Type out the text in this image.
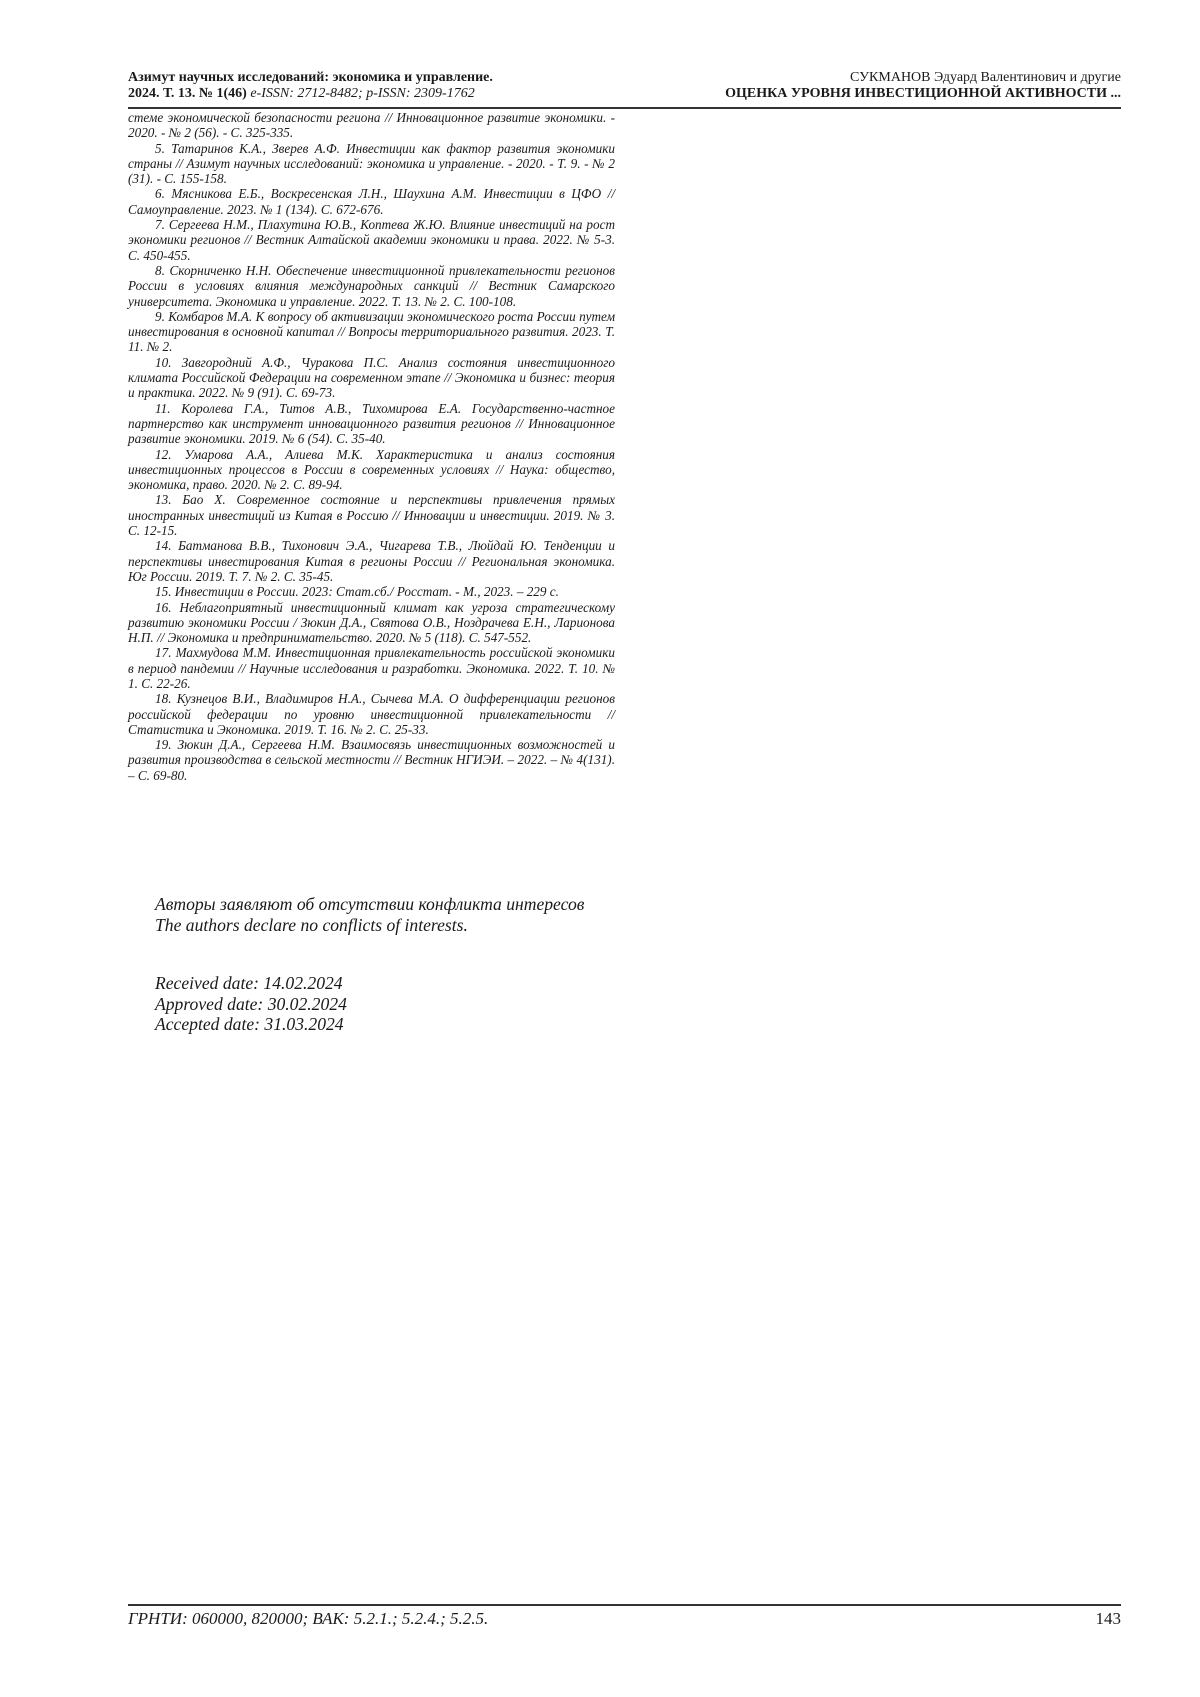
Азимут научных исследований: экономика и управление.
2024. Т. 13. № 1(46) e-ISSN: 2712-8482; p-ISSN: 2309-1762
СУКМАНОВ Эдуард Валентинович и другие
ОЦЕНКА УРОВНЯ ИНВЕСТИЦИОННОЙ АКТИВНОСТИ ...

стеме экономической безопасности региона // Инновационное развитие экономики. - 2020. - № 2 (56). - С. 325-335.

5. Татаринов К.А., Зверев А.Ф. Инвестиции как фактор развития экономики страны // Азимут научных исследований: экономика и управление. - 2020. - Т. 9. - № 2 (31). - С. 155-158.

6. Мясникова Е.Б., Воскресенская Л.Н., Шаухина А.М. Инвестиции в ЦФО // Самоуправление. 2023. № 1 (134). С. 672-676.

7. Сергеева Н.М., Плахутина Ю.В., Коптева Ж.Ю. Влияние инвестиций на рост экономики регионов // Вестник Алтайской академии экономики и права. 2022. № 5-3. С. 450-455.

8. Скорниченко Н.Н. Обеспечение инвестиционной привлекательности регионов России в условиях влияния международных санкций // Вестник Самарского университета. Экономика и управление. 2022. Т. 13. № 2. С. 100-108.

9. Комбаров М.А. К вопросу об активизации экономического роста России путем инвестирования в основной капитал // Вопросы территориального развития. 2023. Т. 11. № 2.

10. Завгородний А.Ф., Чуракова П.С. Анализ состояния инвестиционного климата Российской Федерации на современном этапе // Экономика и бизнес: теория и практика. 2022. № 9 (91). С. 69-73.

11. Королева Г.А., Титов А.В., Тихомирова Е.А. Государственно-частное партнерство как инструмент инновационного развития регионов // Инновационное развитие экономики. 2019. № 6 (54). С. 35-40.

12. Умарова А.А., Алиева М.К. Характеристика и анализ состояния инвестиционных процессов в России в современных условиях // Наука: общество, экономика, право. 2020. № 2. С. 89-94.

13. Бао Х. Современное состояние и перспективы привлечения прямых иностранных инвестиций из Китая в Россию // Инновации и инвестиции. 2019. № 3. С. 12-15.

14. Батманова В.В., Тихонович Э.А., Чигарева Т.В., Люйдай Ю. Тенденции и перспективы инвестирования Китая в регионы России // Региональная экономика. Юг России. 2019. Т. 7. № 2. С. 35-45.

15. Инвестиции в России. 2023: Стат.сб./ Росстат. - М., 2023. – 229 с.

16. Неблагоприятный инвестиционный климат как угроза стратегическому развитию экономики России / Зюкин Д.А., Святова О.В., Ноздрачева Е.Н., Ларионова Н.П. // Экономика и предпринимательство. 2020. № 5 (118). С. 547-552.

17. Махмудова М.М. Инвестиционная привлекательность российской экономики в период пандемии // Научные исследования и разработки. Экономика. 2022. Т. 10. № 1. С. 22-26.

18. Кузнецов В.И., Владимиров Н.А., Сычева М.А. О дифференциации регионов российской федерации по уровню инвестиционной привлекательности // Статистика и Экономика. 2019. Т. 16. № 2. С. 25-33.

19. Зюкин Д.А., Сергеева Н.М. Взаимосвязь инвестиционных возможностей и развития производства в сельской местности // Вестник НГИЭИ. – 2022. – № 4(131). – С. 69-80.

Авторы заявляют об отсутствии конфликта интересов

The authors declare no conflicts of interests.

Received date: 14.02.2024
Approved date: 30.02.2024
Accepted date: 31.03.2024
ГРНТИ: 060000, 820000; ВАК: 5.2.1.; 5.2.4.; 5.2.5.	143
